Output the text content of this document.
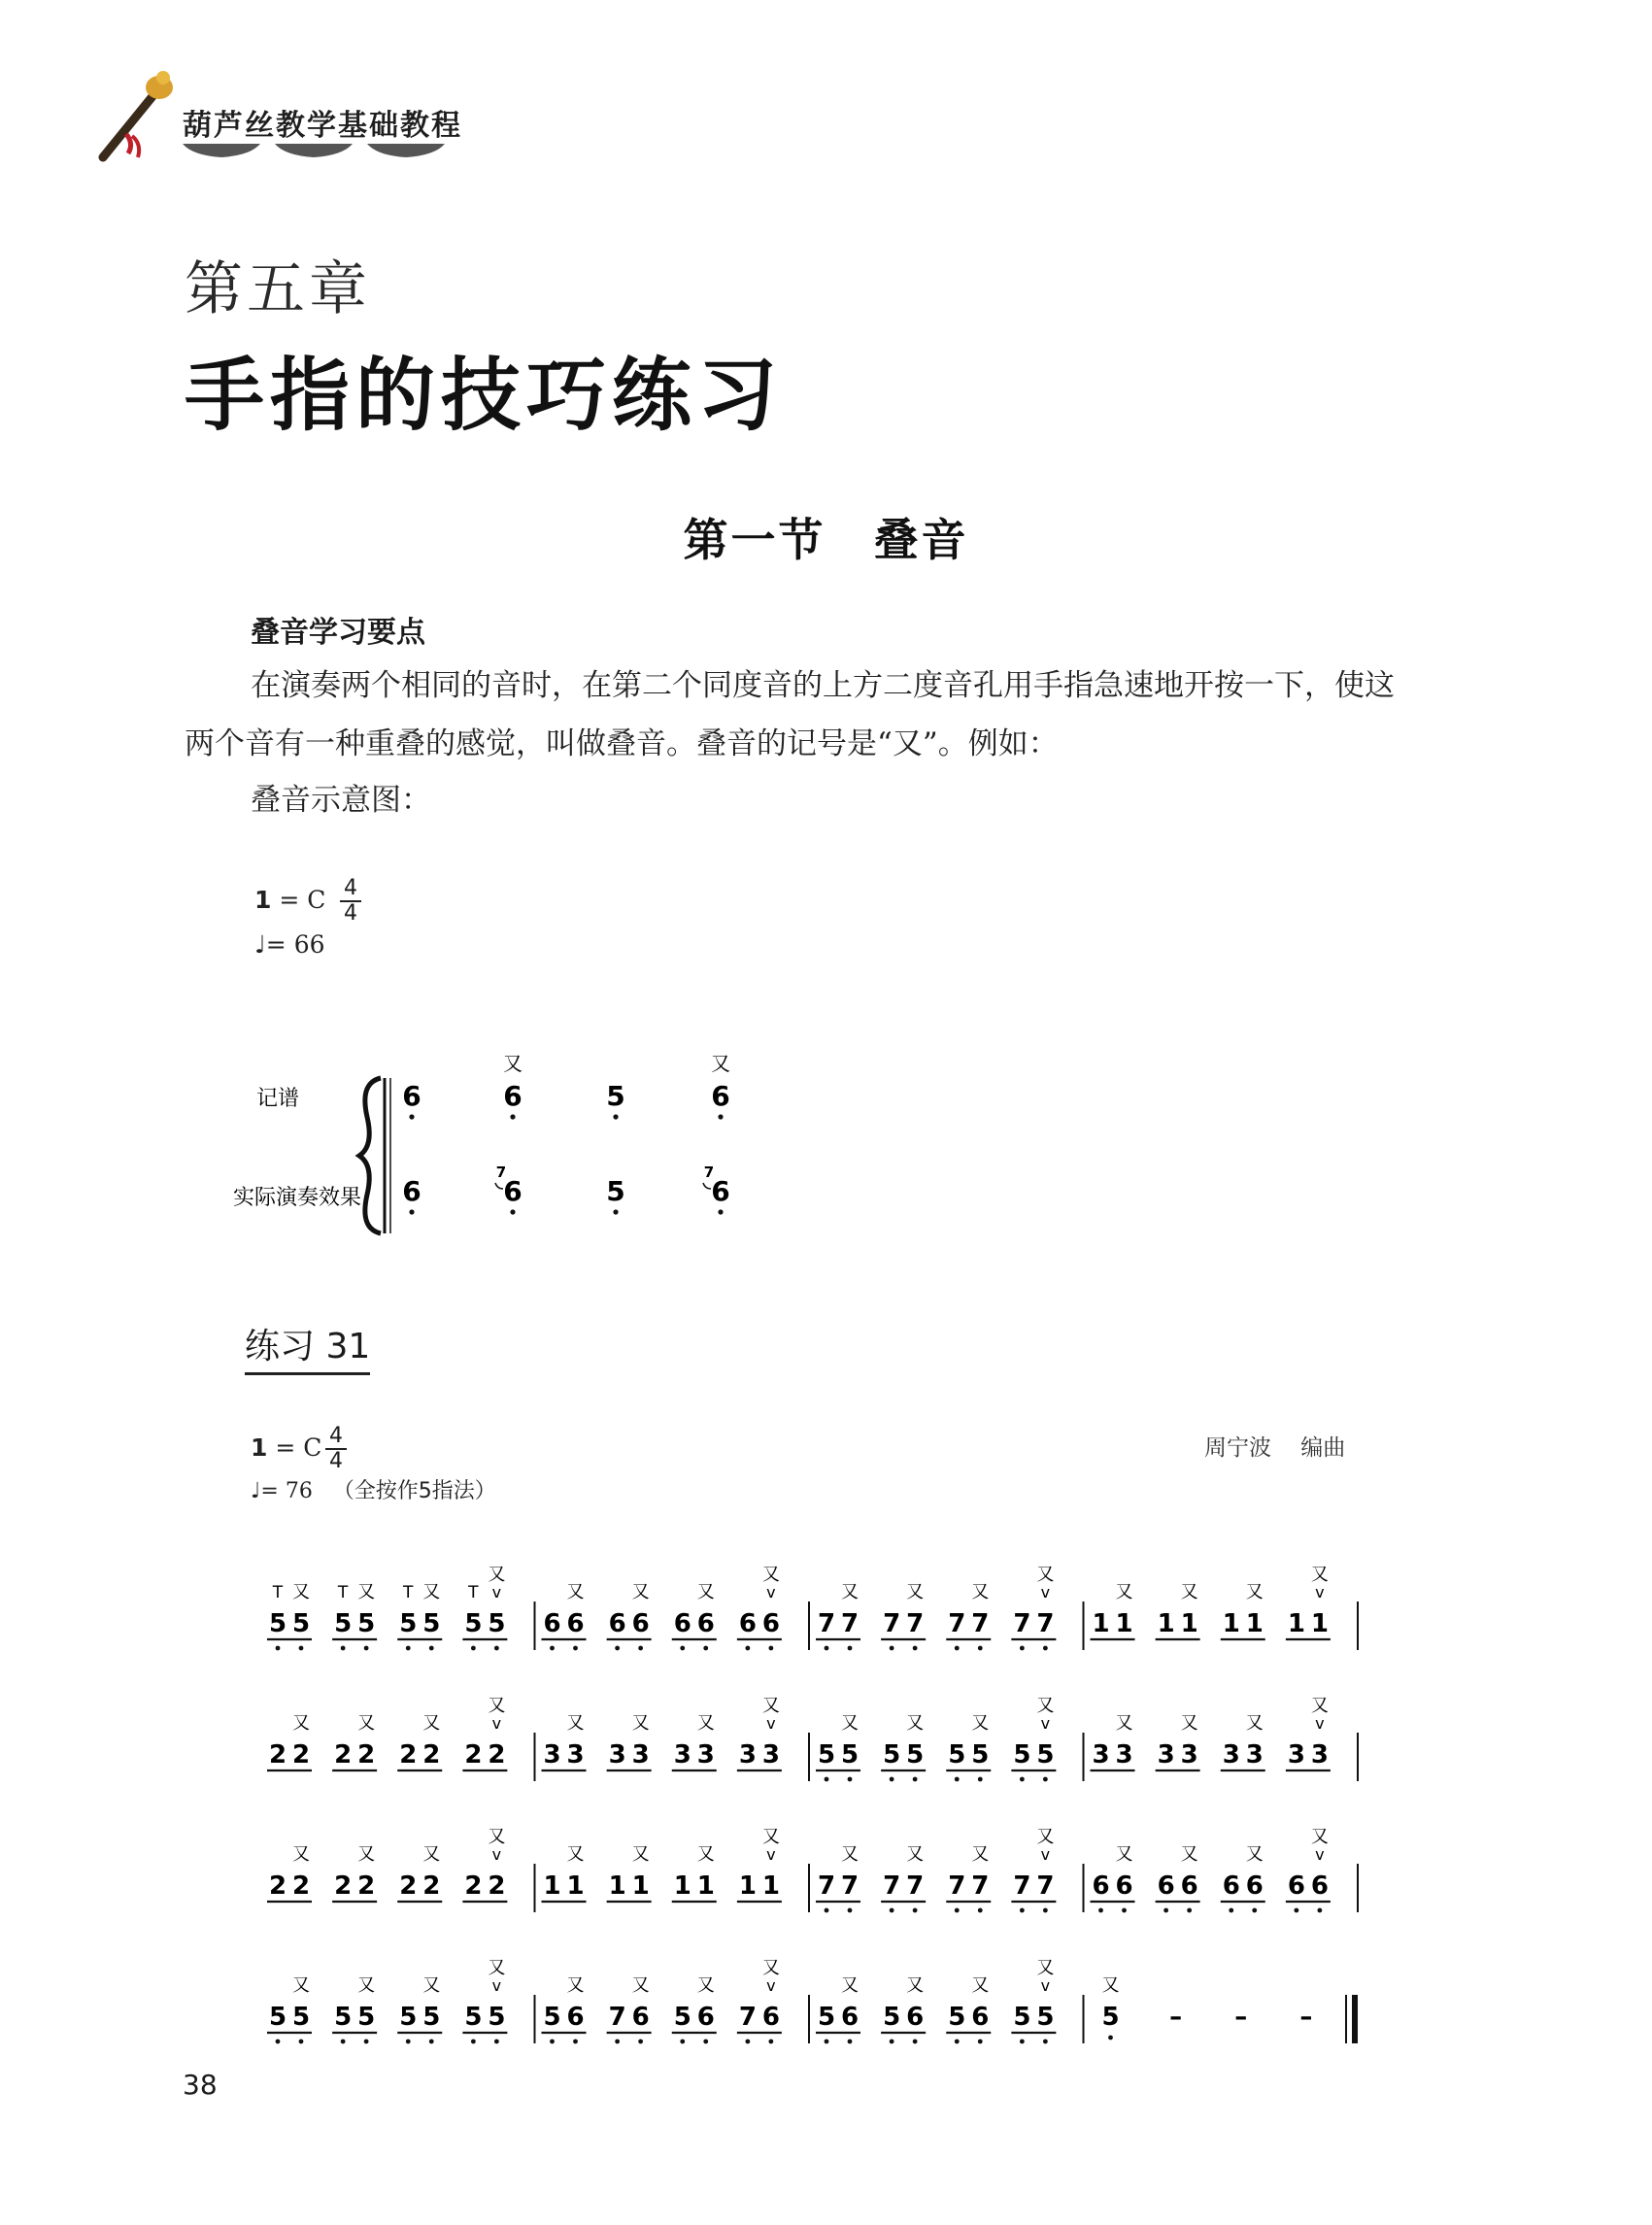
葫芦丝教学基础教程
第五章
手指的技巧练习
第一节　叠音
叠音学习要点
在演奏两个相同的音时，在第二个同度音的上方二度音孔用手指急速地开按一下，使这
两个音有一种重叠的感觉，叫做叠音。叠音的记号是“又”。例如：
叠音示意图：
1 = C 4
4
♩= 66
记谱
实际演奏效果
6	6
又
5	6
又
6	6
7
5	6
7
练习 31
1 = C 4
4
♩= 76 （全按作5指法）
周宁波　 编曲
5 5
又
T
5 5
又
T
5 5
又
T
5 5
又
v
T
6 6
又
6 6
又
6 6
又
6 6
又
v
7 7
又
7 7
又
7 7
又
7 7
又
v
1 1
又
1 1
又
1 1
又
1 1
又
v
2 2
又
2 2
又
2 2
又
2 2
又
v
3 3
又
3 3
又
3 3
又
3 3
又
v
5 5
又
5 5
又
5 5
又
5 5
又
v
3 3
又
3 3
又
3 3
又
3 3
又
v
2 2
又
2 2
又
2 2
又
2 2
又
v
1 1
又
1 1
又
1 1
又
1 1
又
v
7 7
又
7 7
又
7 7
又
7 7
又
v
6 6
又
6 6
又
6 6
又
6 6
又
v
5 5
又
5 5
又
5 5
又
5 5
又
v
5 6
又
7 6
又
5 6
又
7 6
又
v
5 6
又
5 6
又
5 6
又
5 5
又
v
5
又
– – –
38
